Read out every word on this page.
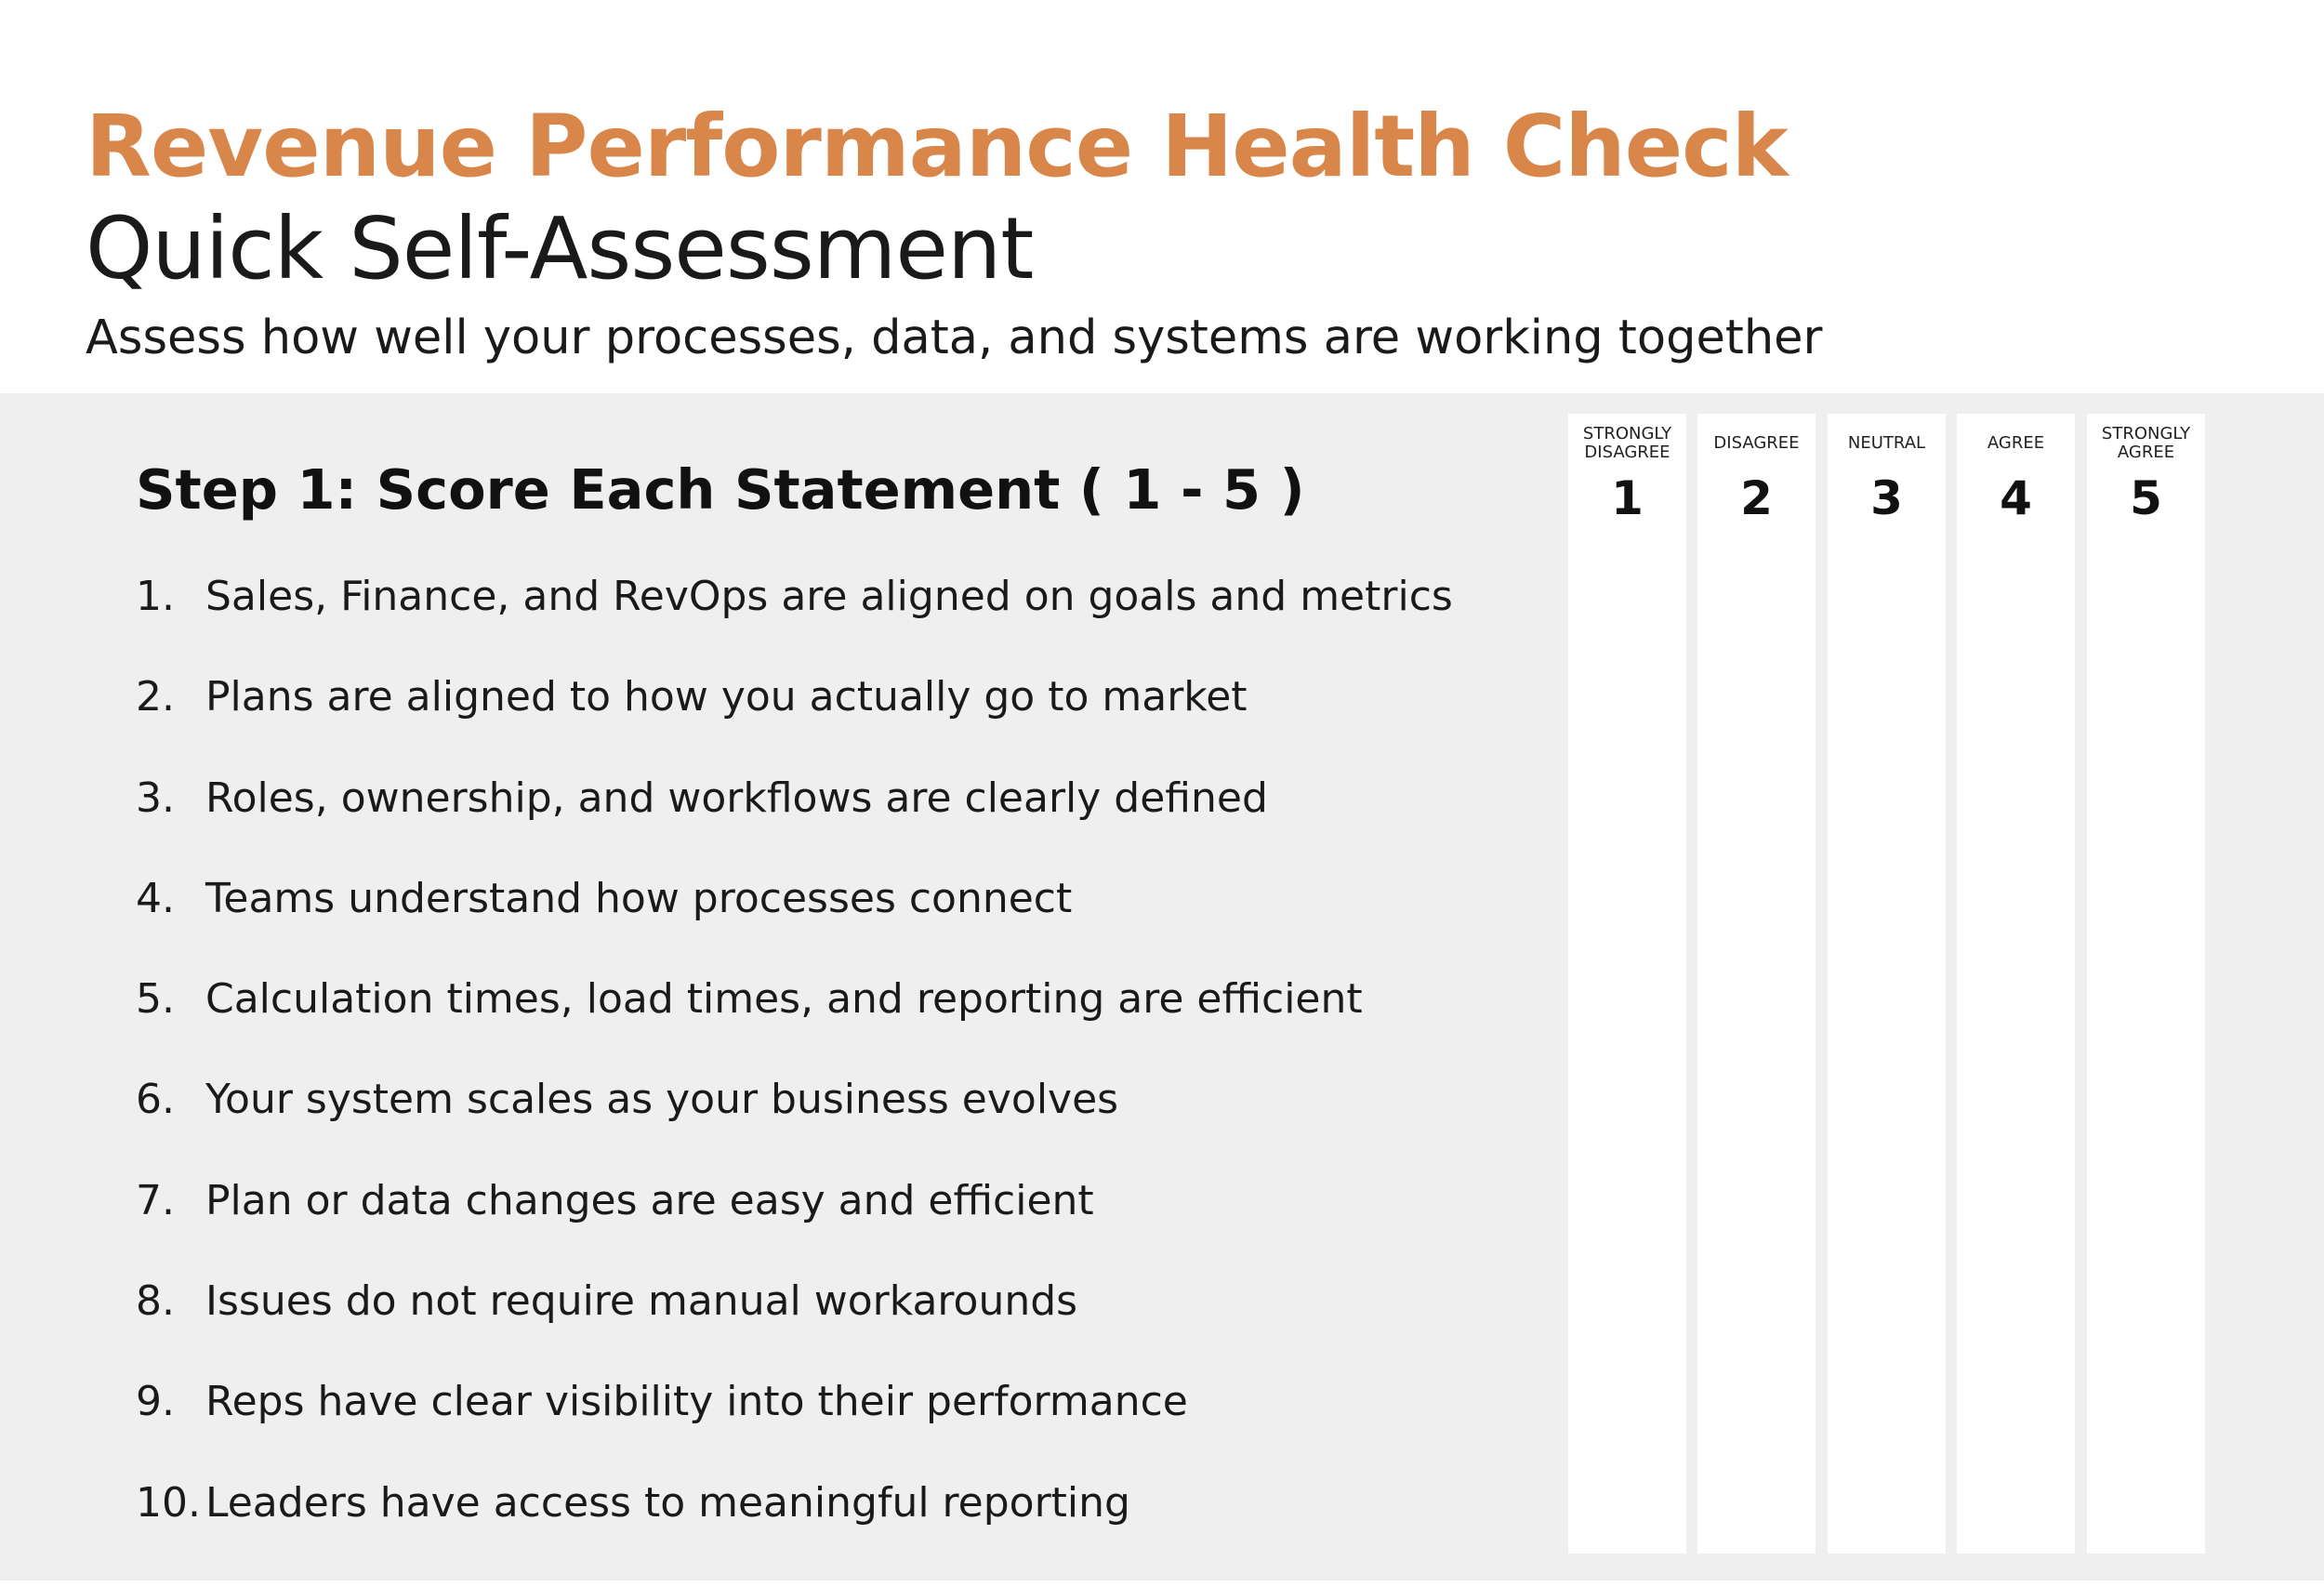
Revenue Performance Health Check
Quick Self-Assessment
Assess how well your processes, data, and systems are working together
Step 1: Score Each Statement ( 1 - 5 )
1. Sales, Finance, and RevOps are aligned on goals and metrics
2. Plans are aligned to how you actually go to market
3. Roles, ownership, and workflows are clearly defined
4. Teams understand how processes connect
5. Calculation times, load times, and reporting are efficient
6. Your system scales as your business evolves
7. Plan or data changes are easy and efficient
8. Issues do not require manual workarounds
9. Reps have clear visibility into their performance
10. Leaders have access to meaningful reporting
STRONGLY
DISAGREE
1
DISAGREE
2
NEUTRAL
3
AGREE
4
STRONGLY
AGREE
5
